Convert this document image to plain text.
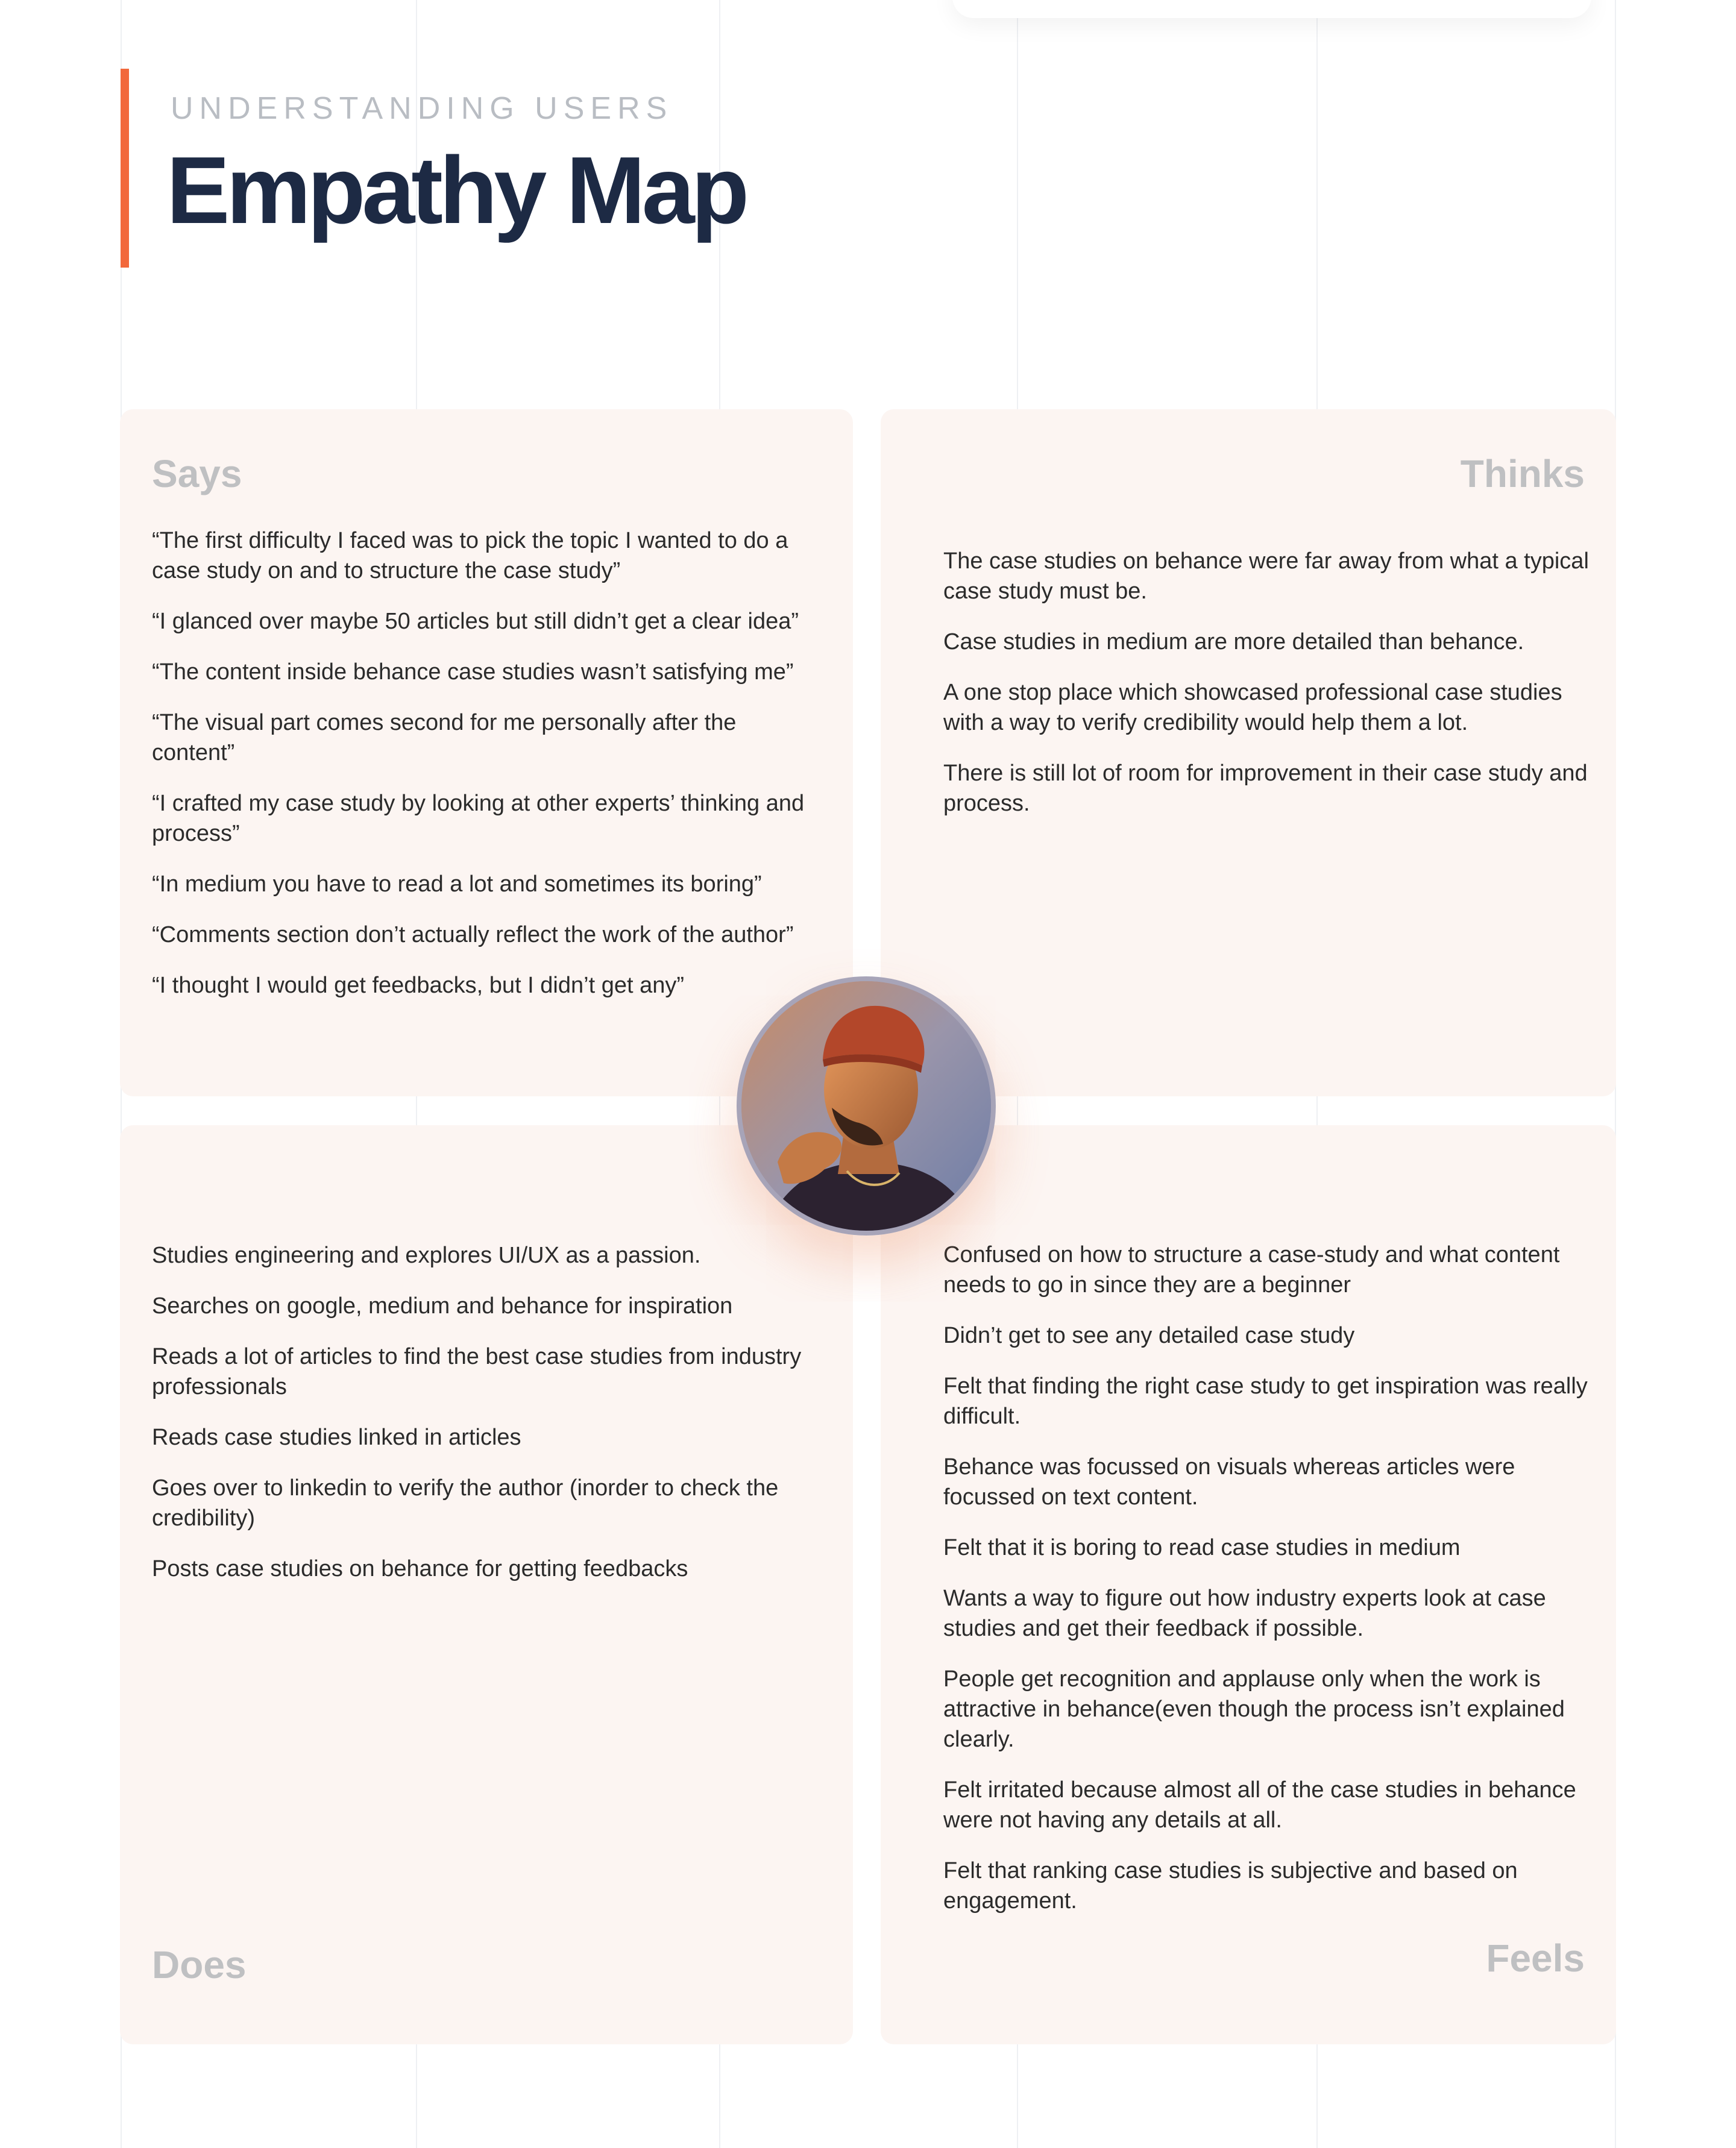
UNDERSTANDING USERS
Empathy Map
Says
“The first difficulty I faced was to pick the topic I wanted to do a case study on and to structure the case study”
“I glanced over maybe 50 articles but still didn’t get a clear idea”
“The content inside behance case studies wasn’t satisfying me”
“The visual part comes second for me personally after the content”
“I crafted my case study by looking at other experts’ thinking and process”
“In medium you have to read a lot and sometimes its boring”
“Comments section don’t actually reflect the work of the author”
“I thought I would get feedbacks, but I didn’t get any”
Thinks
The case studies on behance were far away from what a typical case study must be.
Case studies in medium are more detailed than behance.
A one stop place which showcased professional case studies with a way to verify credibility would help them a lot.
There is still lot of room for improvement in their case study and process.
Studies engineering and explores UI/UX as a passion.
Searches on google, medium and behance for inspiration
Reads a lot of articles to find the best case studies from industry professionals
Reads case studies linked in articles
Goes over to linkedin to verify the author (inorder to check the credibility)
Posts case studies on behance for getting feedbacks
Does
Confused on how to structure a case-study and what content needs to go in since they are a beginner
Didn’t get to see any detailed case study
Felt that finding the right case study to get inspiration was really difficult.
Behance was focussed on visuals whereas articles were focussed on text content.
Felt that it is boring to read case studies in medium
Wants a way to figure out how industry experts look at case studies and get their feedback if possible.
People get recognition and applause only when the work is attractive in behance(even though the process isn’t explained clearly.
Felt irritated because almost all of the case studies in behance were not having any details at all.
Felt that ranking case studies is subjective and based on engagement.
Feels
